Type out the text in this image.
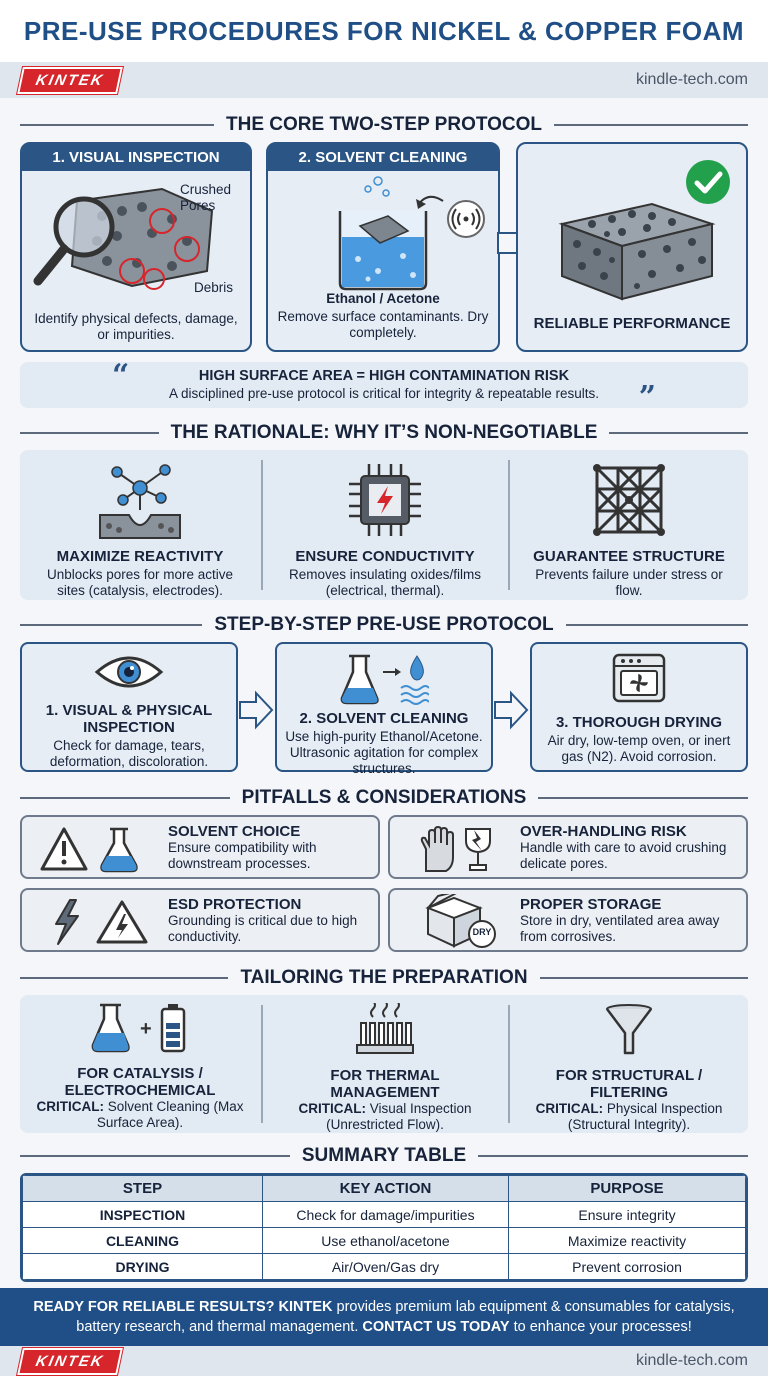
PRE-USE PROCEDURES FOR NICKEL & COPPER FOAM
KINTEK	kindle-tech.com
THE CORE TWO-STEP PROTOCOL
1. VISUAL INSPECTION
Crushed Pores
Debris
Identify physical defects, damage, or impurities.
2. SOLVENT CLEANING
Ethanol / Acetone
Remove surface contaminants. Dry completely.
RELIABLE PERFORMANCE
“
”
HIGH SURFACE AREA = HIGH CONTAMINATION RISK
A disciplined pre-use protocol is critical for integrity & repeatable results.
THE RATIONALE: WHY IT’S NON-NEGOTIABLE
MAXIMIZE REACTIVITY
Unblocks pores for more active sites (catalysis, electrodes).
ENSURE CONDUCTIVITY
Removes insulating oxides/films (electrical, thermal).
GUARANTEE STRUCTURE
Prevents failure under stress or flow.
STEP-BY-STEP PRE-USE PROTOCOL
1. VISUAL & PHYSICAL INSPECTION
Check for damage, tears, deformation, discoloration.
2. SOLVENT CLEANING
Use high-purity Ethanol/Acetone. Ultrasonic agitation for complex structures.
3. THOROUGH DRYING
Air dry, low-temp oven, or inert gas (N2). Avoid corrosion.
PITFALLS & CONSIDERATIONS
SOLVENT CHOICE
Ensure compatibility with downstream processes.
OVER-HANDLING RISK
Handle with care to avoid crushing delicate pores.
ESD PROTECTION
Grounding is critical due to high conductivity.	DRY
PROPER STORAGE
Store in dry, ventilated area away from corrosives.
TAILORING THE PREPARATION
+
FOR CATALYSIS / ELECTROCHEMICAL
CRITICAL: Solvent Cleaning (Max Surface Area).
FOR THERMAL MANAGEMENT
CRITICAL: Visual Inspection (Unrestricted Flow).
FOR STRUCTURAL / FILTERING
CRITICAL: Physical Inspection (Structural Integrity).
SUMMARY TABLE
STEP	KEY ACTION	PURPOSE
INSPECTION	Check for damage/impurities	Ensure integrity
CLEANING	Use ethanol/acetone	Maximize reactivity
DRYING	Air/Oven/Gas dry	Prevent corrosion
READY FOR RELIABLE RESULTS? KINTEK provides premium lab equipment & consumables for catalysis, battery research, and thermal management. CONTACT US TODAY to enhance your processes!
KINTEK	kindle-tech.com
